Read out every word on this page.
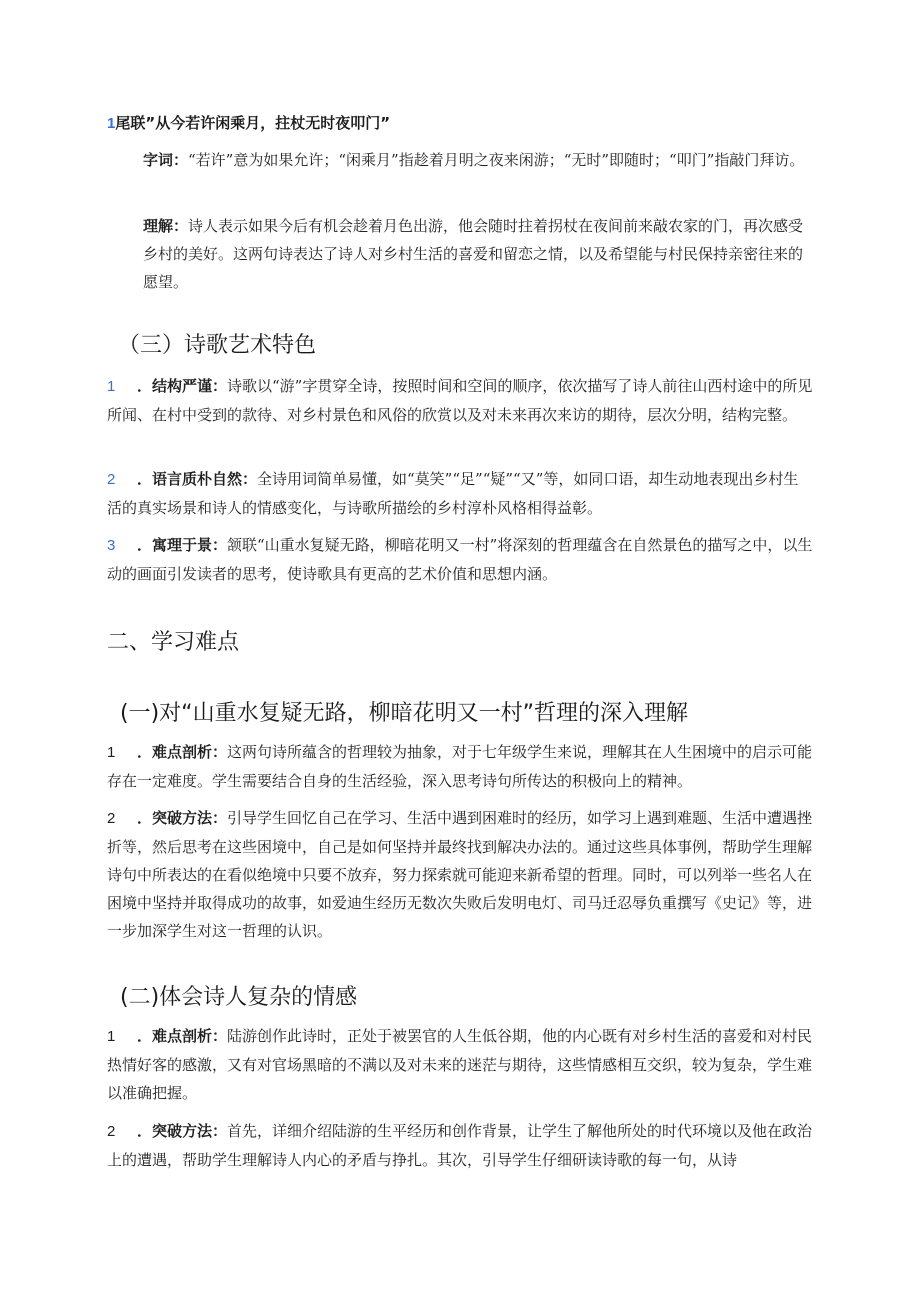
1尾联”从今若许闲乘月，拄杖无时夜叩门”
字词：“若许”意为如果允许；“闲乘月”指趁着月明之夜来闲游；“无时”即随时；“叩门”指敲门拜访。
理解：诗人表示如果今后有机会趁着月色出游，他会随时拄着拐杖在夜间前来敲农家的门，再次感受乡村的美好。这两句诗表达了诗人对乡村生活的喜爱和留恋之情，以及希望能与村民保持亲密往来的愿望。
（三）诗歌艺术特色
1 ．结构严谨：诗歌以“游”字贯穿全诗，按照时间和空间的顺序，依次描写了诗人前往山西村途中的所见所闻、在村中受到的款待、对乡村景色和风俗的欣赏以及对未来再次来访的期待，层次分明，结构完整。
2 ．语言质朴自然：全诗用词简单易懂，如“莫笑”“足”“疑”“又”等，如同口语，却生动地表现出乡村生活的真实场景和诗人的情感变化，与诗歌所描绘的乡村淳朴风格相得益彰。
3 ．寓理于景：颔联“山重水复疑无路，柳暗花明又一村”将深刻的哲理蕴含在自然景色的描写之中，以生动的画面引发读者的思考，使诗歌具有更高的艺术价值和思想内涵。
二、学习难点
(一)对“山重水复疑无路，柳暗花明又一村”哲理的深入理解
1 ．难点剖析：这两句诗所蕴含的哲理较为抽象，对于七年级学生来说，理解其在人生困境中的启示可能存在一定难度。学生需要结合自身的生活经验，深入思考诗句所传达的积极向上的精神。
2 ．突破方法：引导学生回忆自己在学习、生活中遇到困难时的经历，如学习上遇到难题、生活中遭遇挫折等，然后思考在这些困境中，自己是如何坚持并最终找到解决办法的。通过这些具体事例，帮助学生理解诗句中所表达的在看似绝境中只要不放弃，努力探索就可能迎来新希望的哲理。同时，可以列举一些名人在困境中坚持并取得成功的故事，如爱迪生经历无数次失败后发明电灯、司马迁忍辱负重撰写《史记》等，进一步加深学生对这一哲理的认识。
(二)体会诗人复杂的情感
1 ．难点剖析：陆游创作此诗时，正处于被罢官的人生低谷期，他的内心既有对乡村生活的喜爱和对村民热情好客的感激，又有对官场黑暗的不满以及对未来的迷茫与期待，这些情感相互交织，较为复杂，学生难以准确把握。
2 ．突破方法：首先，详细介绍陆游的生平经历和创作背景，让学生了解他所处的时代环境以及他在政治上的遭遇，帮助学生理解诗人内心的矛盾与挣扎。其次，引导学生仔细研读诗歌的每一句，从诗
